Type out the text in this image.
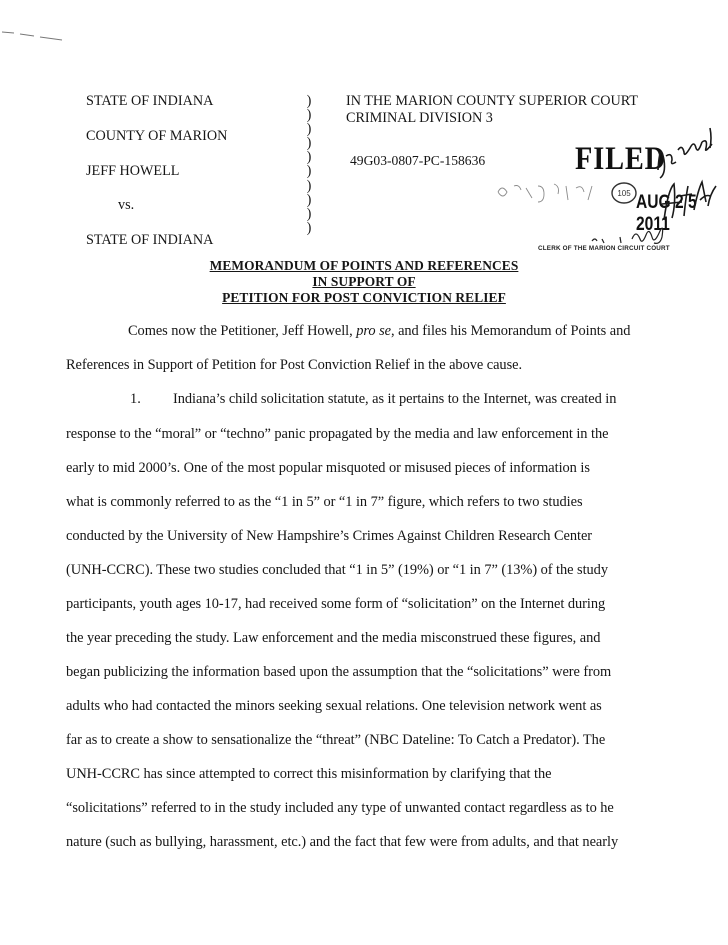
STATE OF INDIANA
COUNTY OF MARION
JEFF HOWELL
vs.
STATE OF INDIANA
)
)
)
)
)
)
)
)
)
)
IN THE MARION COUNTY SUPERIOR COURT
CRIMINAL DIVISION 3
49G03-0807-PC-158636	FILED
105 AUG 2 5 2011
CLERK OF THE MARION CIRCUIT COURT
MEMORANDUM OF POINTS AND REFERENCES
IN SUPPORT OF
PETITION FOR POST CONVICTION RELIEF
Comes now the Petitioner, Jeff Howell, pro se, and files his Memorandum of Points and
References in Support of Petition for Post Conviction Relief in the above cause.
1. Indiana’s child solicitation statute, as it pertains to the Internet, was created in
response to the “moral” or “techno” panic propagated by the media and law enforcement in the
early to mid 2000’s. One of the most popular misquoted or misused pieces of information is
what is commonly referred to as the “1 in 5” or “1 in 7” figure, which refers to two studies
conducted by the University of New Hampshire’s Crimes Against Children Research Center
(UNH-CCRC). These two studies concluded that “1 in 5” (19%) or “1 in 7” (13%) of the study
participants, youth ages 10-17, had received some form of “solicitation” on the Internet during
the year preceding the study. Law enforcement and the media misconstrued these figures, and
began publicizing the information based upon the assumption that the “solicitations” were from
adults who had contacted the minors seeking sexual relations. One television network went as
far as to create a show to sensationalize the “threat” (NBC Dateline: To Catch a Predator). The
UNH-CCRC has since attempted to correct this misinformation by clarifying that the
“solicitations” referred to in the study included any type of unwanted contact regardless as to he
nature (such as bullying, harassment, etc.) and the fact that few were from adults, and that nearly
